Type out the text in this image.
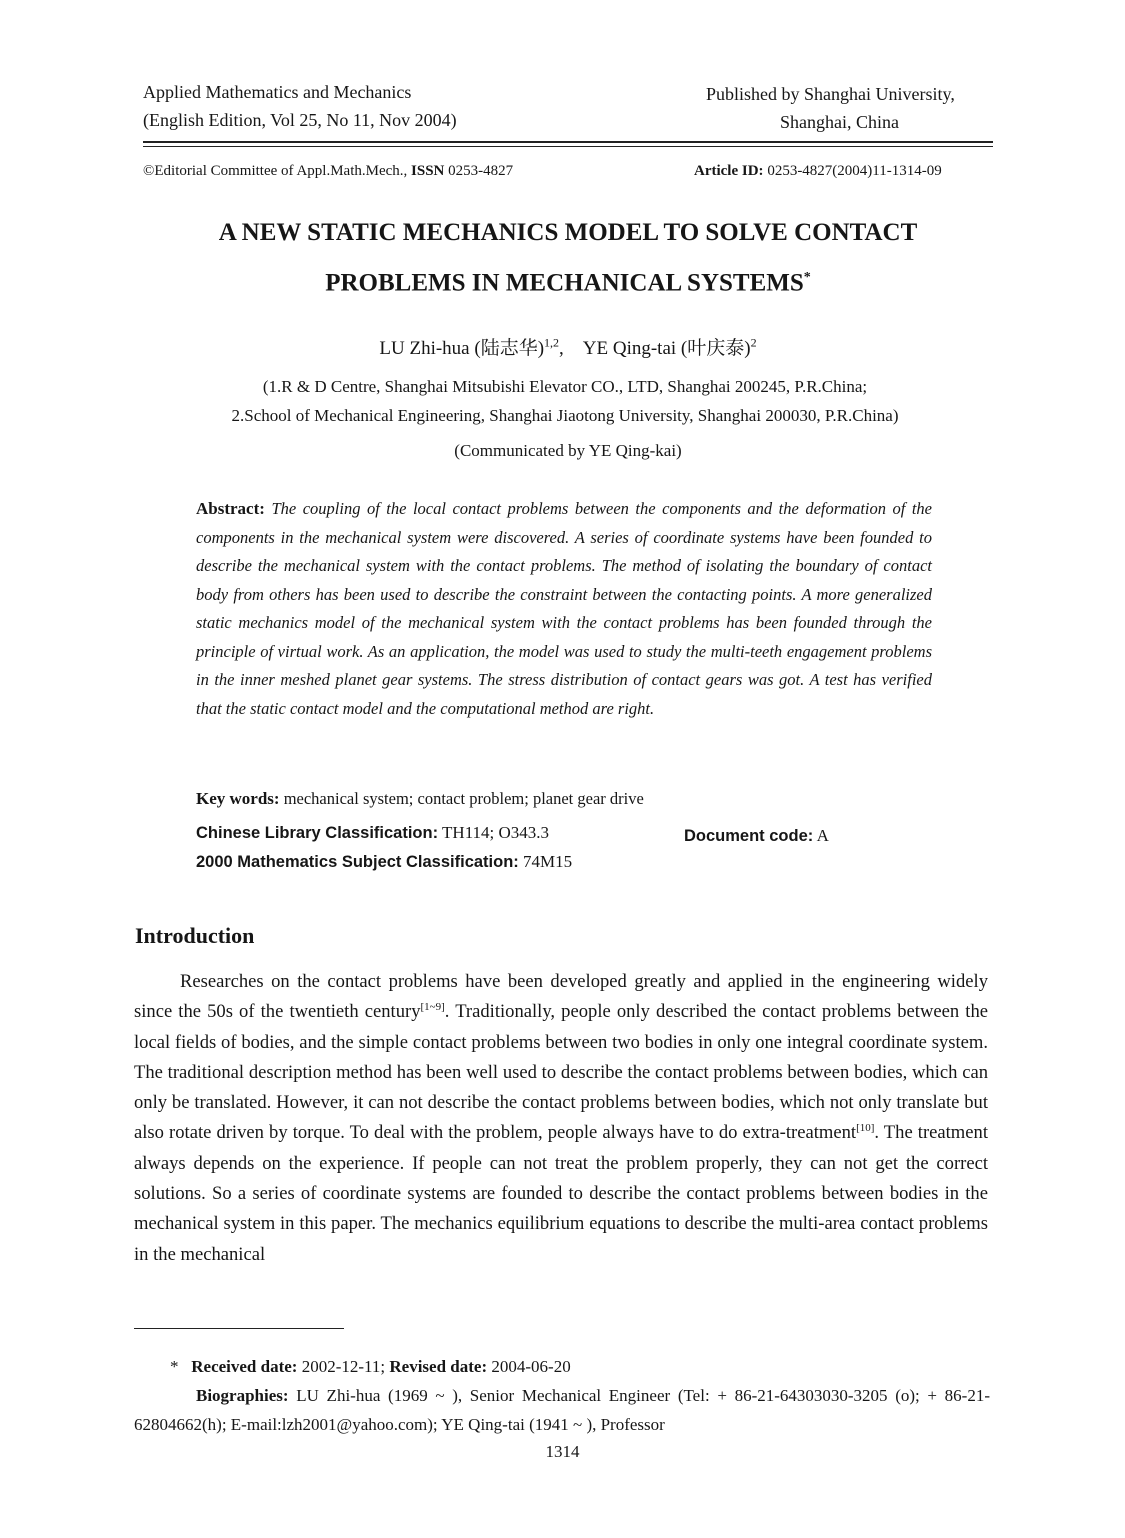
Applied Mathematics and Mechanics
(English Edition, Vol 25, No 11, Nov 2004)
Published by Shanghai University,
Shanghai, China
©Editorial Committee of Appl.Math.Mech., ISSN 0253-4827	Article ID: 0253-4827(2004)11-1314-09
A NEW STATIC MECHANICS MODEL TO SOLVE CONTACT
PROBLEMS IN MECHANICAL SYSTEMS*
LU Zhi-hua (陆志华)$^{1,2}$, YE Qing-tai (叶庆泰)$^2$
(1.R & D Centre, Shanghai Mitsubishi Elevator CO., LTD, Shanghai 200245, P.R.China;
2.School of Mechanical Engineering, Shanghai Jiaotong University, Shanghai 200030, P.R.China)
(Communicated by YE Qing-kai)
Abstract: The coupling of the local contact problems between the components and the deformation of the components in the mechanical system were discovered. A series of coordinate systems have been founded to describe the mechanical system with the contact problems. The method of isolating the boundary of contact body from others has been used to describe the constraint between the contacting points. A more generalized static mechanics model of the mechanical system with the contact problems has been founded through the principle of virtual work. As an application, the model was used to study the multi-teeth engagement problems in the inner meshed planet gear systems. The stress distribution of contact gears was got. A test has verified that the static contact model and the computational method are right.
Key words: mechanical system; contact problem; planet gear drive
Chinese Library Classification: TH114; O343.3	Document code: A
2000 Mathematics Subject Classification: 74M15
Introduction
Researches on the contact problems have been developed greatly and applied in the engineering widely since the 50s of the twentieth century[1~9]. Traditionally, people only described the contact problems between the local fields of bodies, and the simple contact problems between two bodies in only one integral coordinate system. The traditional description method has been well used to describe the contact problems between bodies, which can only be translated. However, it can not describe the contact problems between bodies, which not only translate but also rotate driven by torque. To deal with the problem, people always have to do extra-treatment[10]. The treatment always depends on the experience. If people can not treat the problem properly, they can not get the correct solutions. So a series of coordinate systems are founded to describe the contact problems between bodies in the mechanical system in this paper. The mechanics equilibrium equations to describe the multi-area contact problems in the mechanical
* Received date: 2002-12-11; Revised date: 2004-06-20
Biographies: LU Zhi-hua (1969 ~ ), Senior Mechanical Engineer (Tel: + 86-21-64303030-3205 (o); + 86-21-62804662(h); E-mail:lzh2001@yahoo.com); YE Qing-tai (1941 ~ ), Professor
1314
